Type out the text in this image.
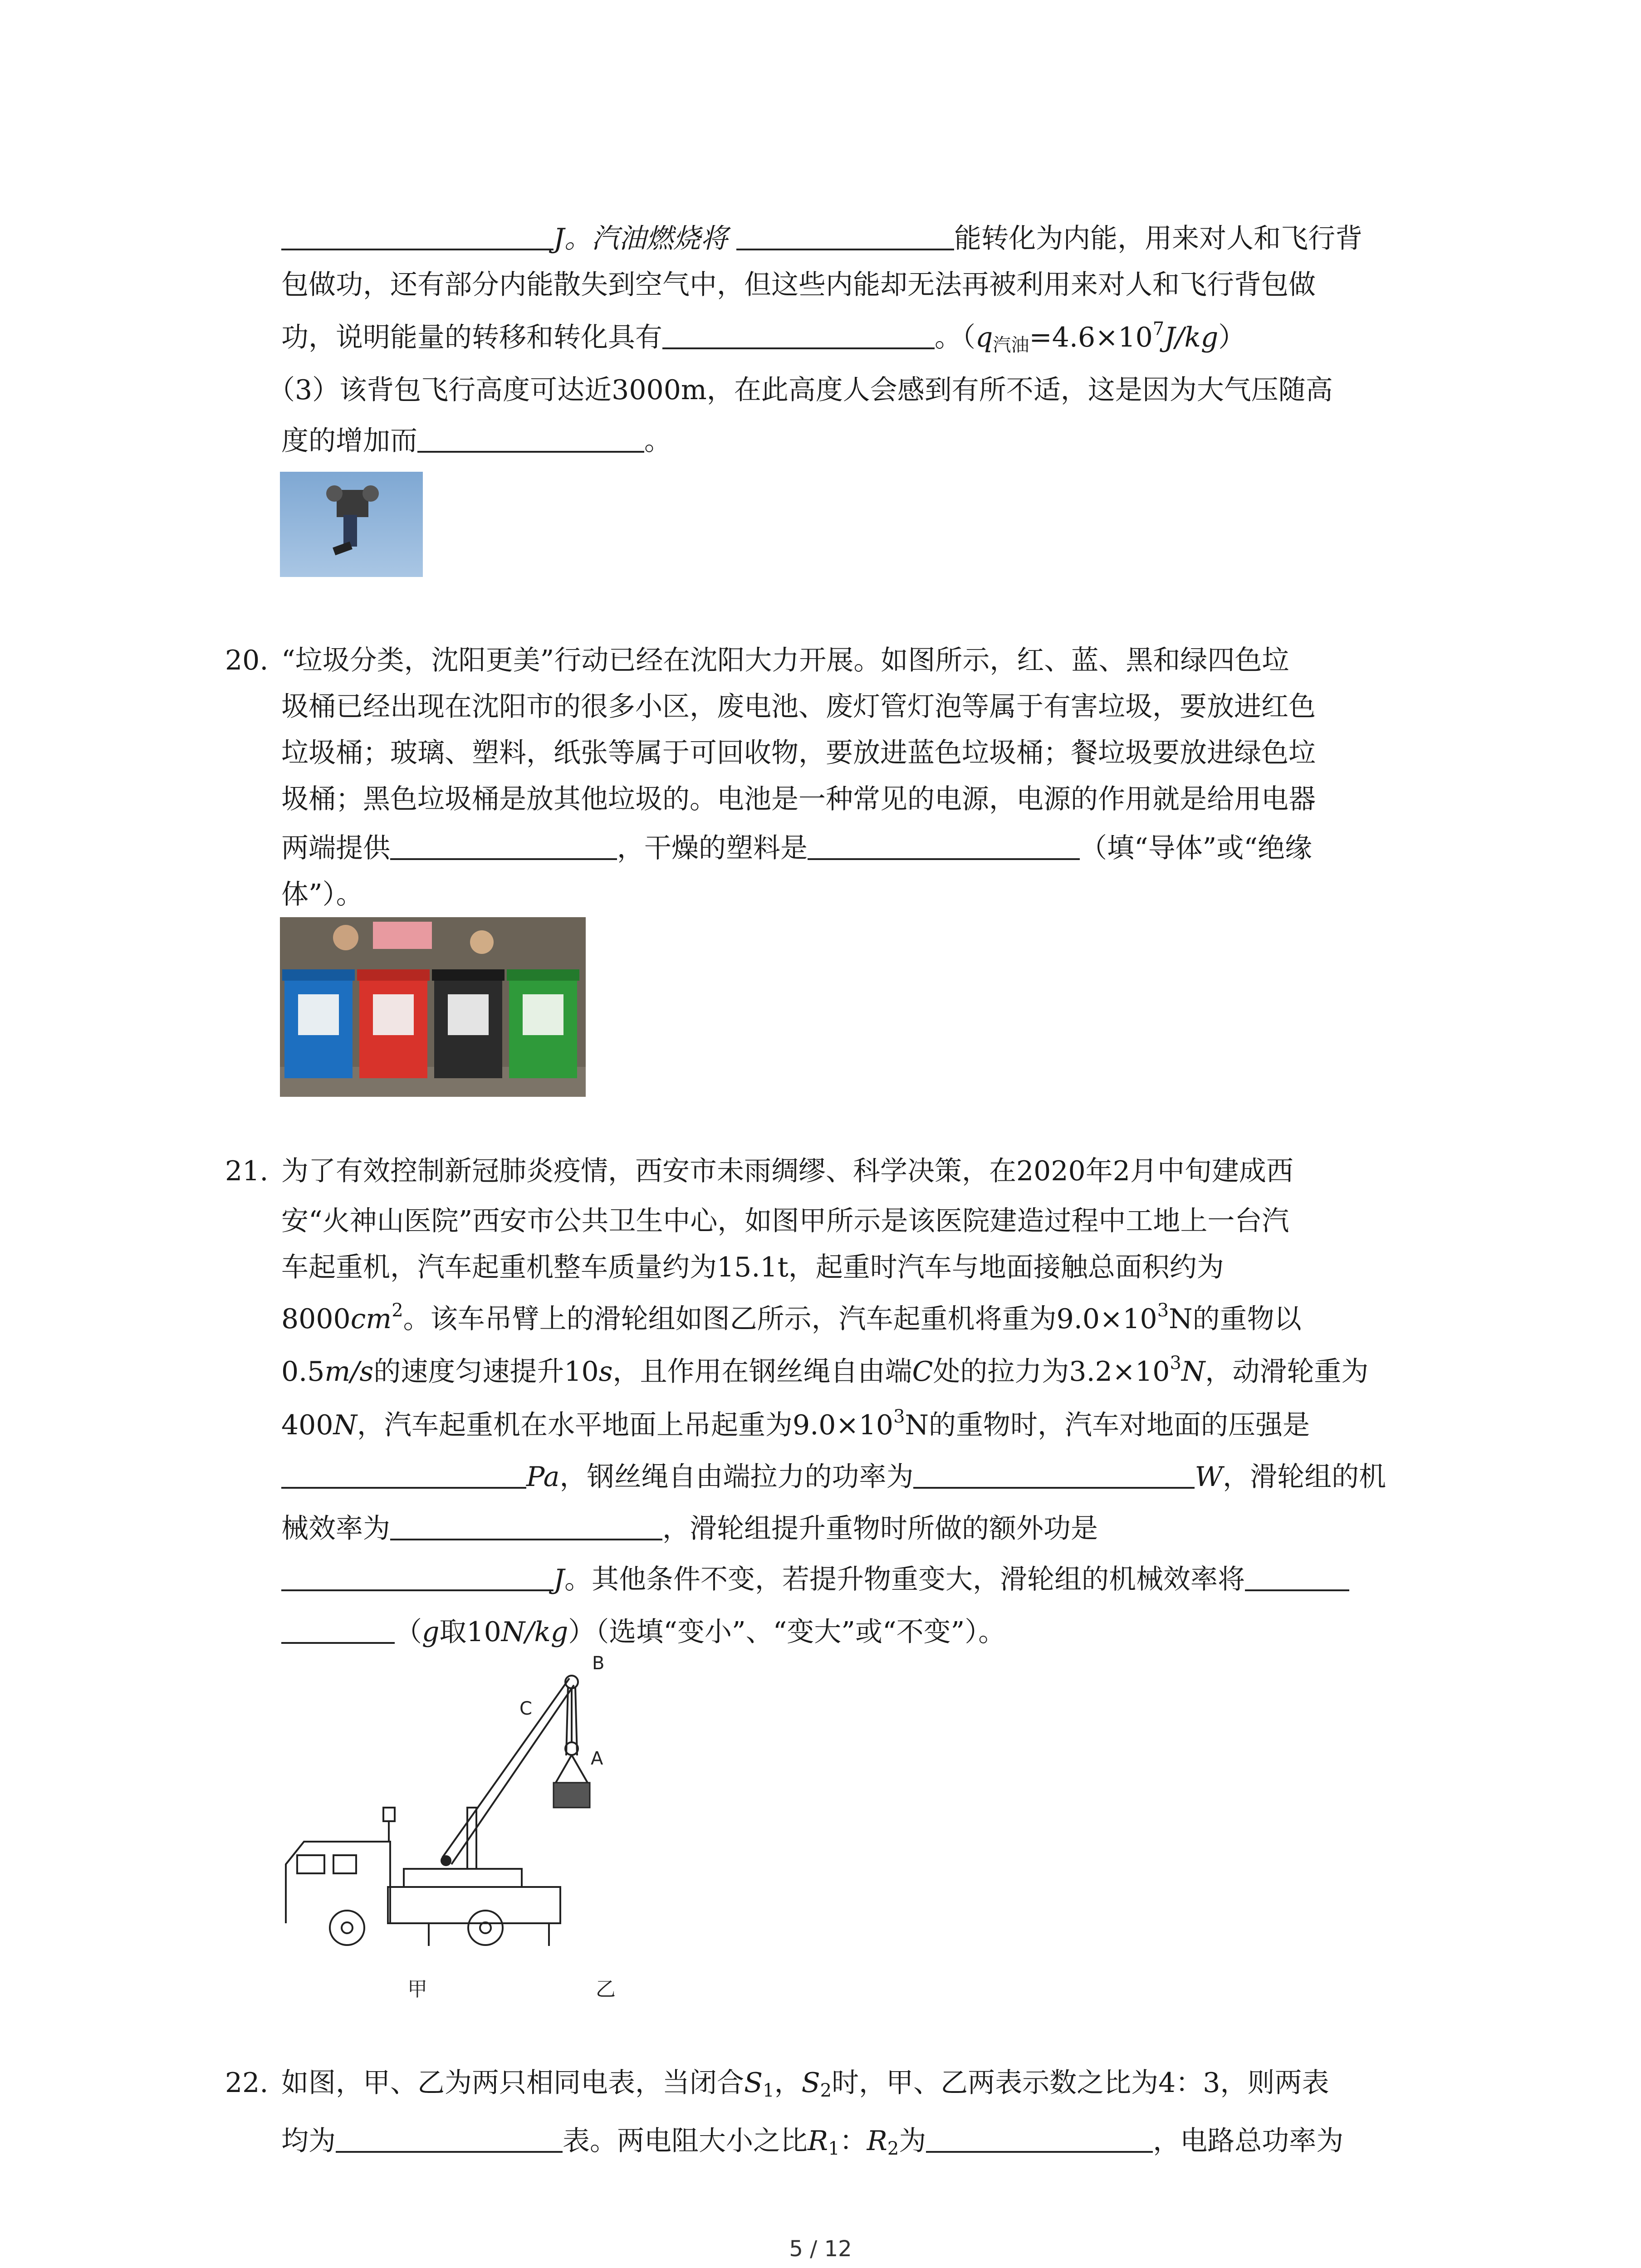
J。汽油燃烧将	能转化为内能，用来对人和飞行背
包做功，还有部分内能散失到空气中，但这些内能却无法再被利用来对人和飞行背包做
功，说明能量的转移和转化具有	。$(q_{汽油}=4.6\times 10^7J/kg)$
（3）该背包飞行高度可达近3000m，在此高度人会感到有所不适，这是因为大气压随高
度的增加而	。
20. “垃圾分类，沈阳更美”行动已经在沈阳大力开展。如图所示，红、蓝、黑和绿四色垃
圾桶已经出现在沈阳市的很多小区，废电池、废灯管灯泡等属于有害垃圾，要放进红色
垃圾桶；玻璃、塑料，纸张等属于可回收物，要放进蓝色垃圾桶；餐垃圾要放进绿色垃
圾桶；黑色垃圾桶是放其他垃圾的。电池是一种常见的电源，电源的作用就是给用电器
两端提供	，干燥的塑料是	（填“导体”或“绝缘
体”）。
21. 为了有效控制新冠肺炎疫情，西安市未雨绸缪、科学决策，在2020年2月中旬建成西
安“火神山医院”西安市公共卫生中心，如图甲所示是该医院建造过程中工地上一台汽
车起重机，汽车起重机整车质量约为15.1t，起重时汽车与地面接触总面积约为
$8000cm^2$。该车吊臂上的滑轮组如图乙所示，汽车起重机将重为$9.0\times 10^3N$的重物以
0.5m/s的速度匀速提升10s，且作用在钢丝绳自由端C处的拉力为$3.2\times 10^3N$，动滑轮重为
400N，汽车起重机在水平地面上吊起重为$9.0\times 10^3N$的重物时，汽车对地面的压强是
Pa，钢丝绳自由端拉力的功率为	W，滑轮组的机
械效率为	，滑轮组提升重物时所做的额外功是
J。其他条件不变，若提升物重变大，滑轮组的机械效率将
（g取10N/kg）（选填“变小”、“变大”或“不变”）。
B
C
A
甲	乙
22. 如图，甲、乙为两只相同电表，当闭合$S_1$，$S_2$时，甲、乙两表示数之比为4：3，则两表
均为	表。两电阻大小之比$R_1$：$R_2$为	，电路总功率为
5 / 12
